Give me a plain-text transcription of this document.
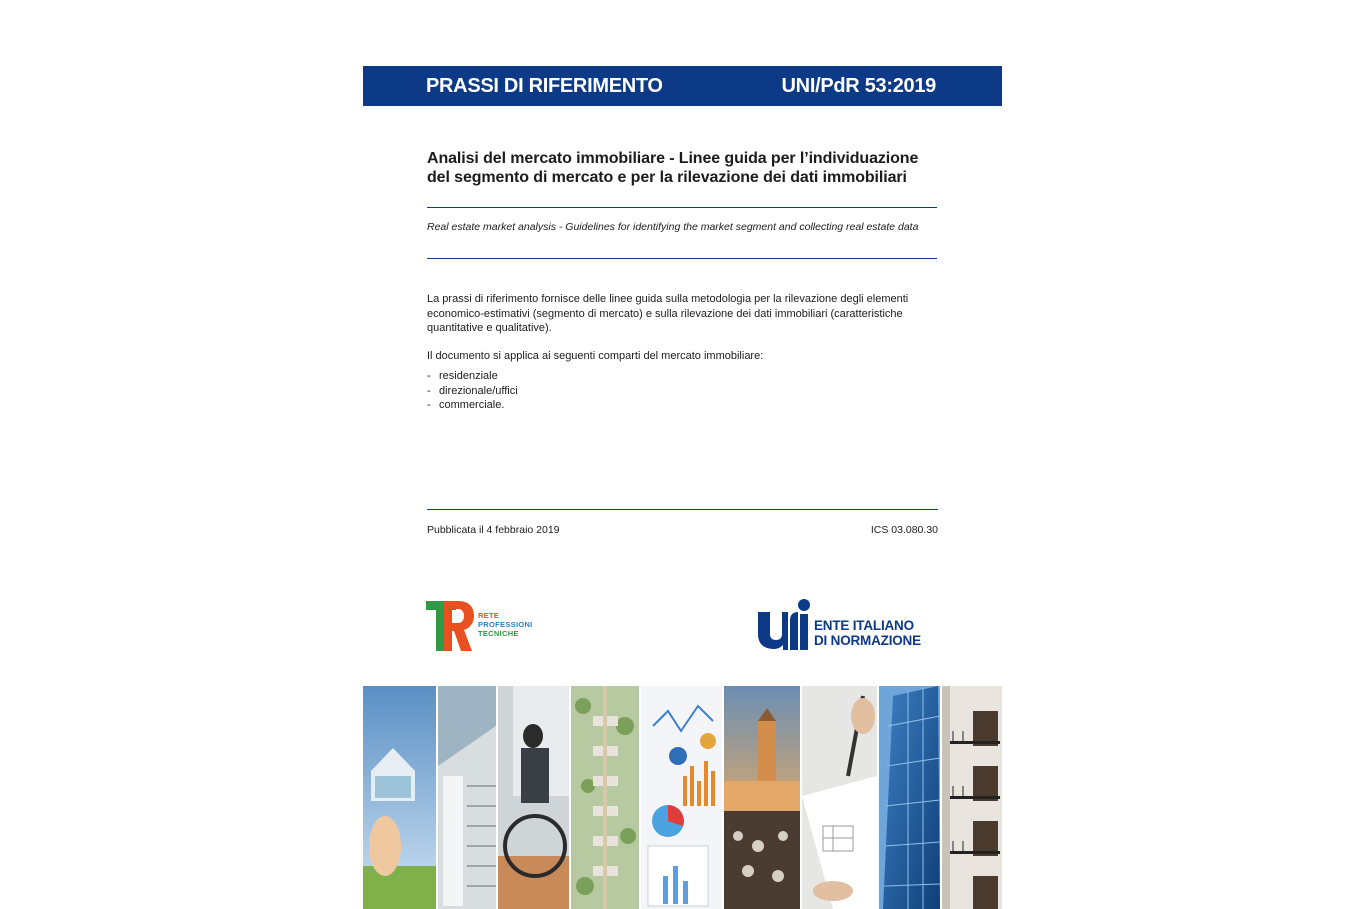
PRASSI DI RIFERIMENTO	UNI/PdR 53:2019
Analisi del mercato immobiliare - Linee guida per l’individuazione
del segmento di mercato e per la rilevazione dei dati immobiliari
Real estate market analysis - Guidelines for identifying the market segment and collecting real estate data
La prassi di riferimento fornisce delle linee guida sulla metodologia per la rilevazione degli elementi economico-estimativi (segmento di mercato) e sulla rilevazione dei dati immobiliari (caratteristiche quantitative e qualitative).
Il documento si applica ai seguenti comparti del mercato immobiliare:
- residenziale
- direzionale/uffici
- commerciale.
Pubblicata il 4 febbraio 2019	ICS 03.080.30
RETE
PROFESSIONI
TECNICHE
ENTE ITALIANO
DI NORMAZIONE
